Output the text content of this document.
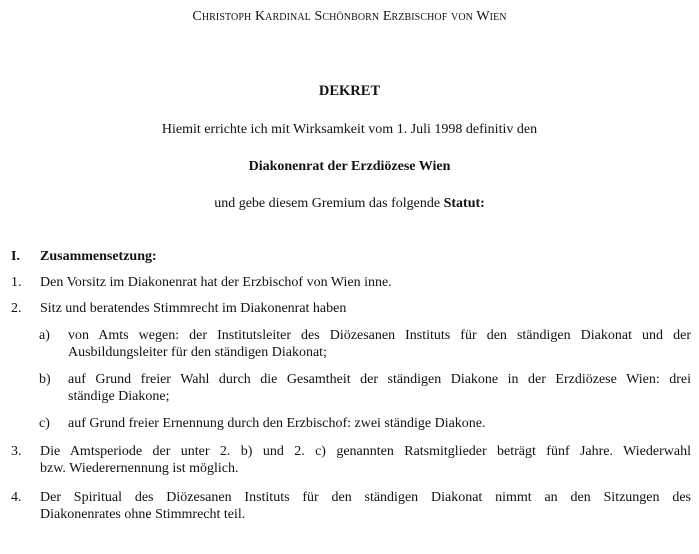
Christoph Kardinal Schönborn Erzbischof von Wien
DEKRET
Hiemit errichte ich mit Wirksamkeit vom 1. Juli 1998 definitiv den
Diakonenrat der Erzdiözese Wien
und gebe diesem Gremium das folgende Statut:
I.	Zusammensetzung:
1.	Den Vorsitz im Diakonenrat hat der Erzbischof von Wien inne.
2.	Sitz und beratendes Stimmrecht im Diakonenrat haben
a)	von Amts wegen: der Institutsleiter des Diözesanen Instituts für den ständigen Diakonat und der
Ausbildungsleiter für den ständigen Diakonat;
b)	auf Grund freier Wahl durch die Gesamtheit der ständigen Diakone in der Erzdiözese Wien: drei
ständige Diakone;
c)	auf Grund freier Ernennung durch den Erzbischof: zwei ständige Diakone.
3.	Die Amtsperiode der unter 2. b) und 2. c) genannten Ratsmitglieder beträgt fünf Jahre. Wiederwahl
bzw. Wiederernennung ist möglich.
4.	Der Spiritual des Diözesanen Instituts für den ständigen Diakonat nimmt an den Sitzungen des
Diakonenrates ohne Stimmrecht teil.
